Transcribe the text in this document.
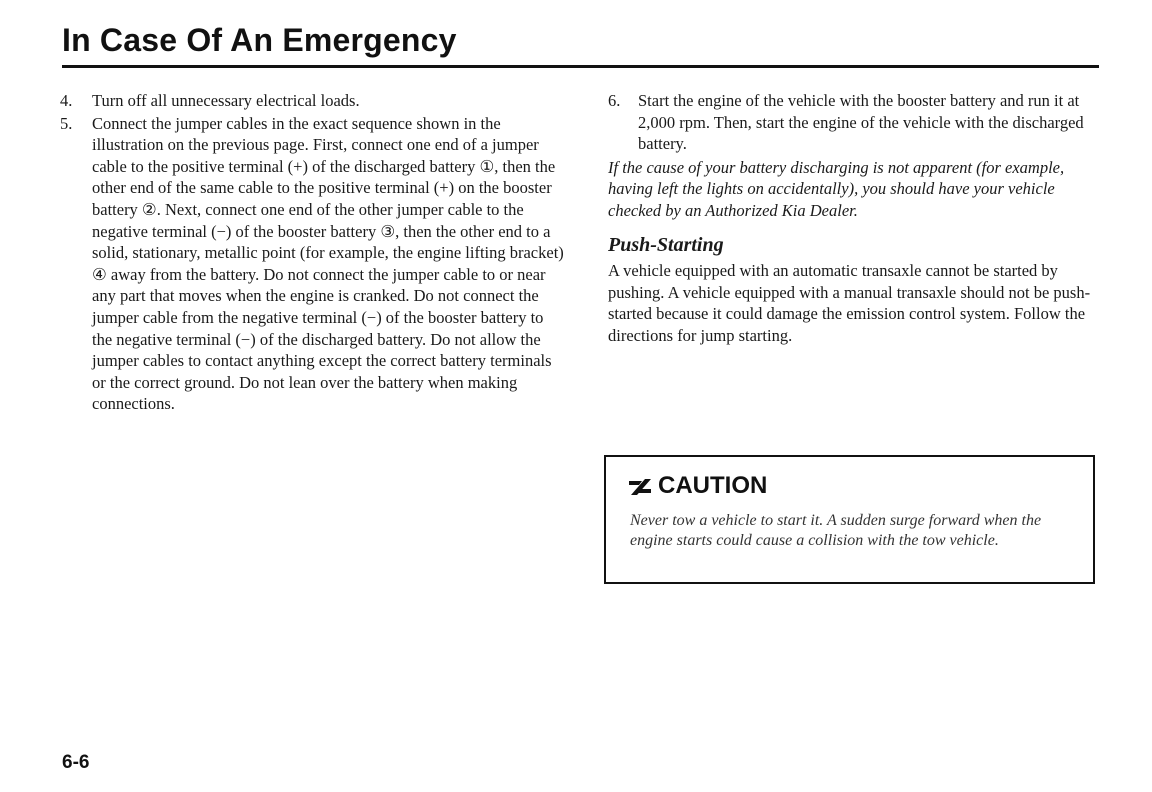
In Case Of An Emergency
4.	Turn off all unnecessary electrical loads.
5.	Connect the jumper cables in the exact sequence shown in the illustration on the previous page. First, connect one end of a jumper cable to the positive terminal (+) of the discharged battery ①, then the other end of the same cable to the positive terminal (+) on the booster battery ②. Next, connect one end of the other jumper cable to the negative terminal (−) of the booster battery ③, then the other end to a solid, stationary, metallic point (for example, the engine lifting bracket) ④ away from the battery. Do not connect the jumper cable to or near any part that moves when the engine is cranked. Do not connect the jumper cable from the negative terminal (−) of the booster battery to the negative terminal (−) of the discharged battery. Do not allow the jumper cables to contact anything except the correct battery terminals or the correct ground. Do not lean over the battery when making connections.
6.	Start the engine of the vehicle with the booster battery and run it at 2,000 rpm. Then, start the engine of the vehicle with the discharged battery.
If the cause of your battery discharging is not apparent (for example, having left the lights on accidentally), you should have your vehicle checked by an Authorized Kia Dealer.
Push-Starting
A vehicle equipped with an automatic transaxle cannot be started by pushing. A vehicle equipped with a manual transaxle should not be push-started because it could damage the emission control system. Follow the directions for jump starting.
CAUTION
Never tow a vehicle to start it. A sudden surge forward when the engine starts could cause a collision with the tow vehicle.
6-6
